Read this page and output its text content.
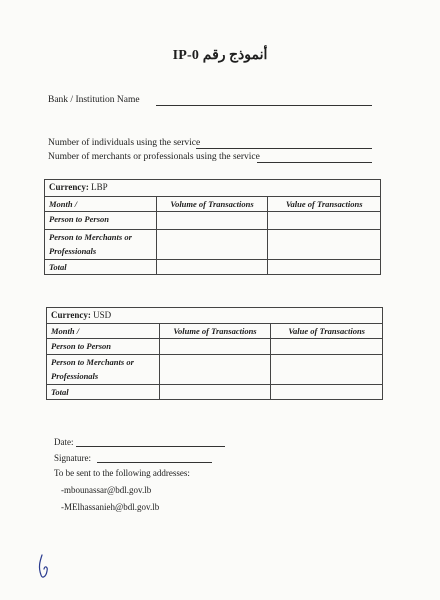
IP-0 أنموذج رقم
Bank / Institution Name
Number of individuals using the service
Number of merchants or professionals using the service
Currency: LBP		
Month /	Volume of Transactions	Value of Transactions
Person to Person		

Person to Merchants or
Professionals		

Total		
Currency: USD		
Month /	Volume of Transactions	Value of Transactions
Person to Person		

Person to Merchants or
Professionals		

Total		
Date:
Signature:
To be sent to the following addresses:
-mbounassar@bdl.gov.lb
-MElhassanieh@bdl.gov.lb
